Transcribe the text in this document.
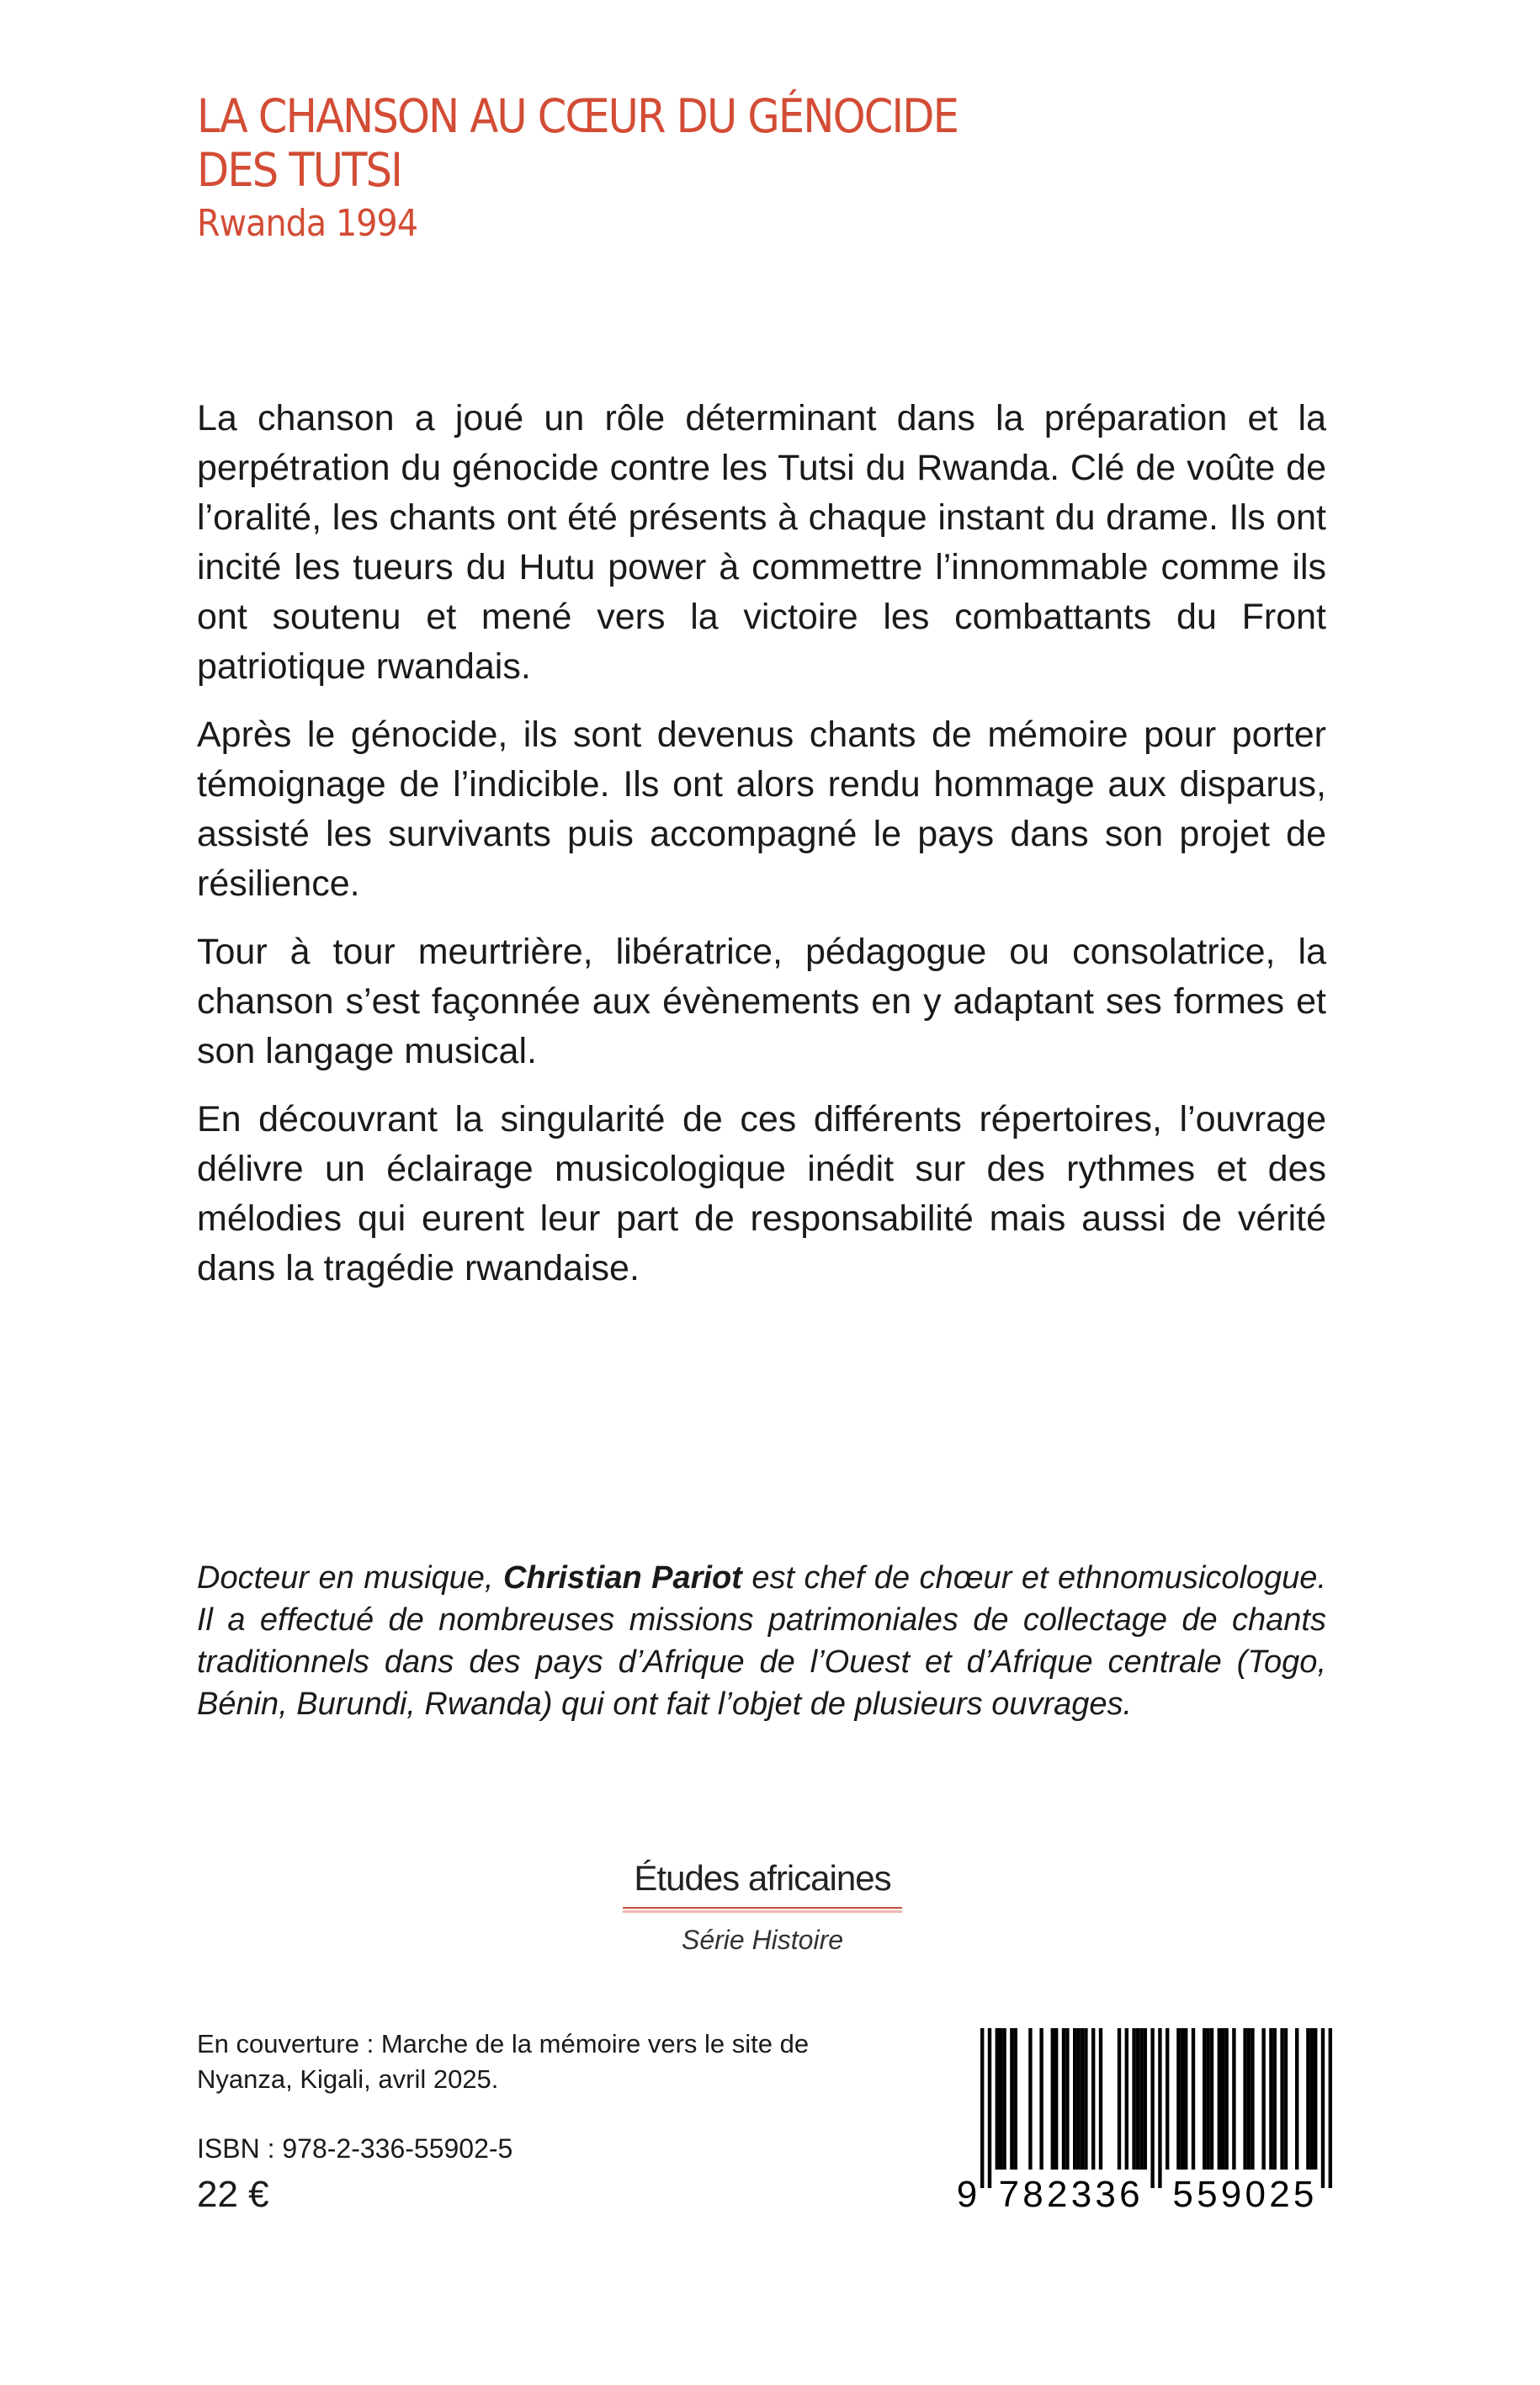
LA CHANSON AU CŒUR DU GÉNOCIDE
DES TUTSI
Rwanda 1994

La chanson a joué un rôle déterminant dans la préparation et la perpétration du génocide contre les Tutsi du Rwanda. Clé de voûte de l’oralité, les chants ont été présents à chaque instant du drame. Ils ont incité les tueurs du Hutu power à commettre l’innommable comme ils ont soutenu et mené vers la victoire les combattants du Front patriotique rwandais.

Après le génocide, ils sont devenus chants de mémoire pour porter témoignage de l’indicible. Ils ont alors rendu hommage aux disparus, assisté les survivants puis accompagné le pays dans son projet de résilience.

Tour à tour meurtrière, libératrice, pédagogue ou consolatrice, la chanson s’est façonnée aux évènements en y adaptant ses formes et son langage musical.

En découvrant la singularité de ces différents répertoires, l’ouvrage délivre un éclairage musicologique inédit sur des rythmes et des mélodies qui eurent leur part de responsabilité mais aussi de vérité dans la tragédie rwandaise.

Docteur en musique, Christian Pariot est chef de chœur et ethnomusicologue. Il a effectué de nombreuses missions patrimoniales de collectage de chants traditionnels dans des pays d’Afrique de l’Ouest et d’Afrique centrale (Togo, Bénin, Burundi, Rwanda) qui ont fait l’objet de plusieurs ouvrages.
Études africaines
Série Histoire
En couverture : Marche de la mémoire vers le site de Nyanza, Kigali, avril 2025.
ISBN : 978-2-336-55902-5
22 €	9 782336 559025
